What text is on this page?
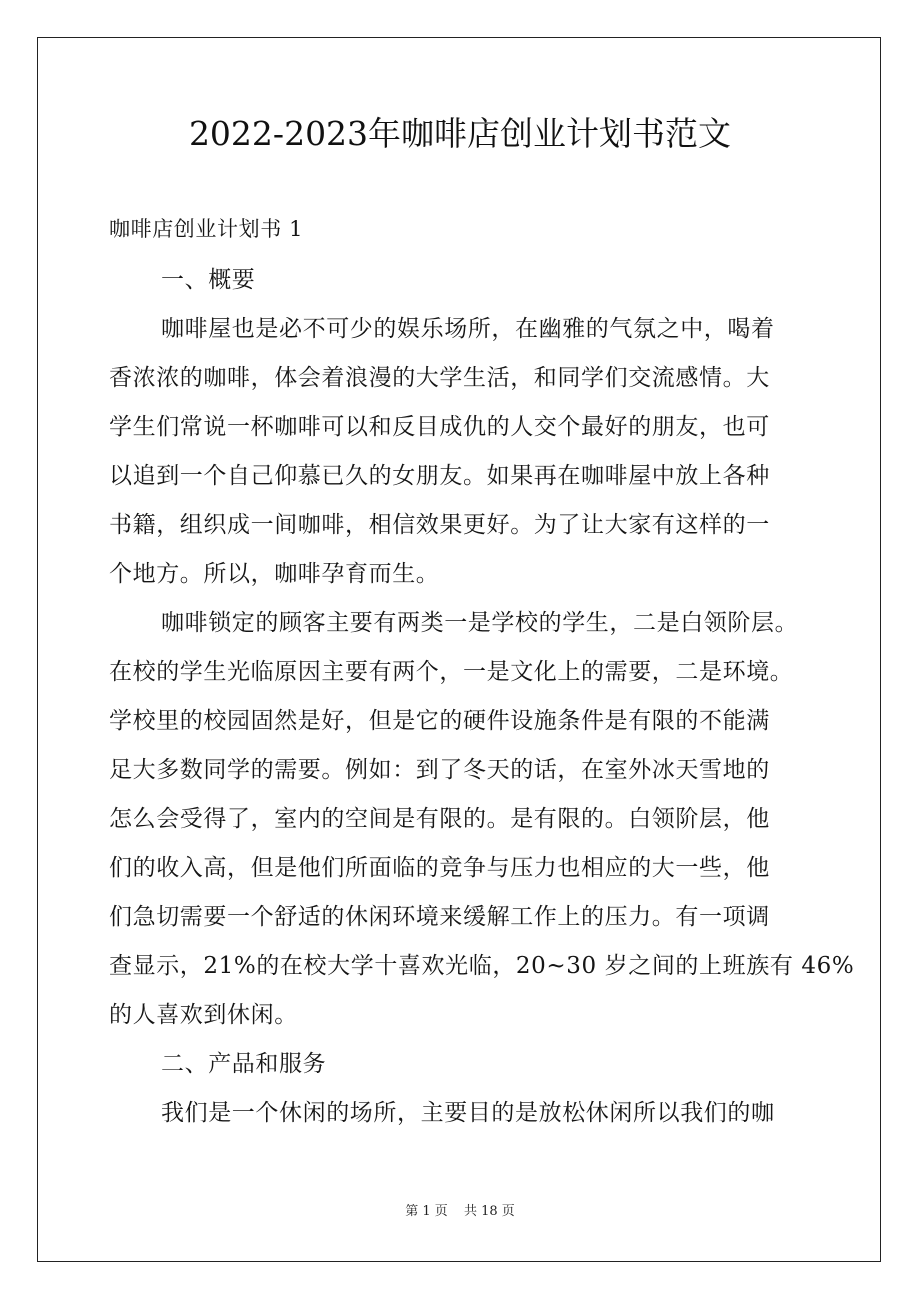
2022-2023年咖啡店创业计划书范文
咖啡店创业计划书 1
一、概要
咖啡屋也是必不可少的娱乐场所，在幽雅的气氛之中，喝着
香浓浓的咖啡，体会着浪漫的大学生活，和同学们交流感情。大
学生们常说一杯咖啡可以和反目成仇的人交个最好的朋友，也可
以追到一个自己仰慕已久的女朋友。如果再在咖啡屋中放上各种
书籍，组织成一间咖啡，相信效果更好。为了让大家有这样的一
个地方。所以，咖啡孕育而生。
咖啡锁定的顾客主要有两类一是学校的学生，二是白领阶层。
在校的学生光临原因主要有两个，一是文化上的需要，二是环境。
学校里的校园固然是好，但是它的硬件设施条件是有限的不能满
足大多数同学的需要。例如：到了冬天的话，在室外冰天雪地的
怎么会受得了，室内的空间是有限的。是有限的。白领阶层，他
们的收入高，但是他们所面临的竞争与压力也相应的大一些，他
们急切需要一个舒适的休闲环境来缓解工作上的压力。有一项调
查显示，21%的在校大学十喜欢光临，20~30 岁之间的上班族有 46%
的人喜欢到休闲。
二、产品和服务
我们是一个休闲的场所，主要目的是放松休闲所以我们的咖
第 1 页 共 18 页
